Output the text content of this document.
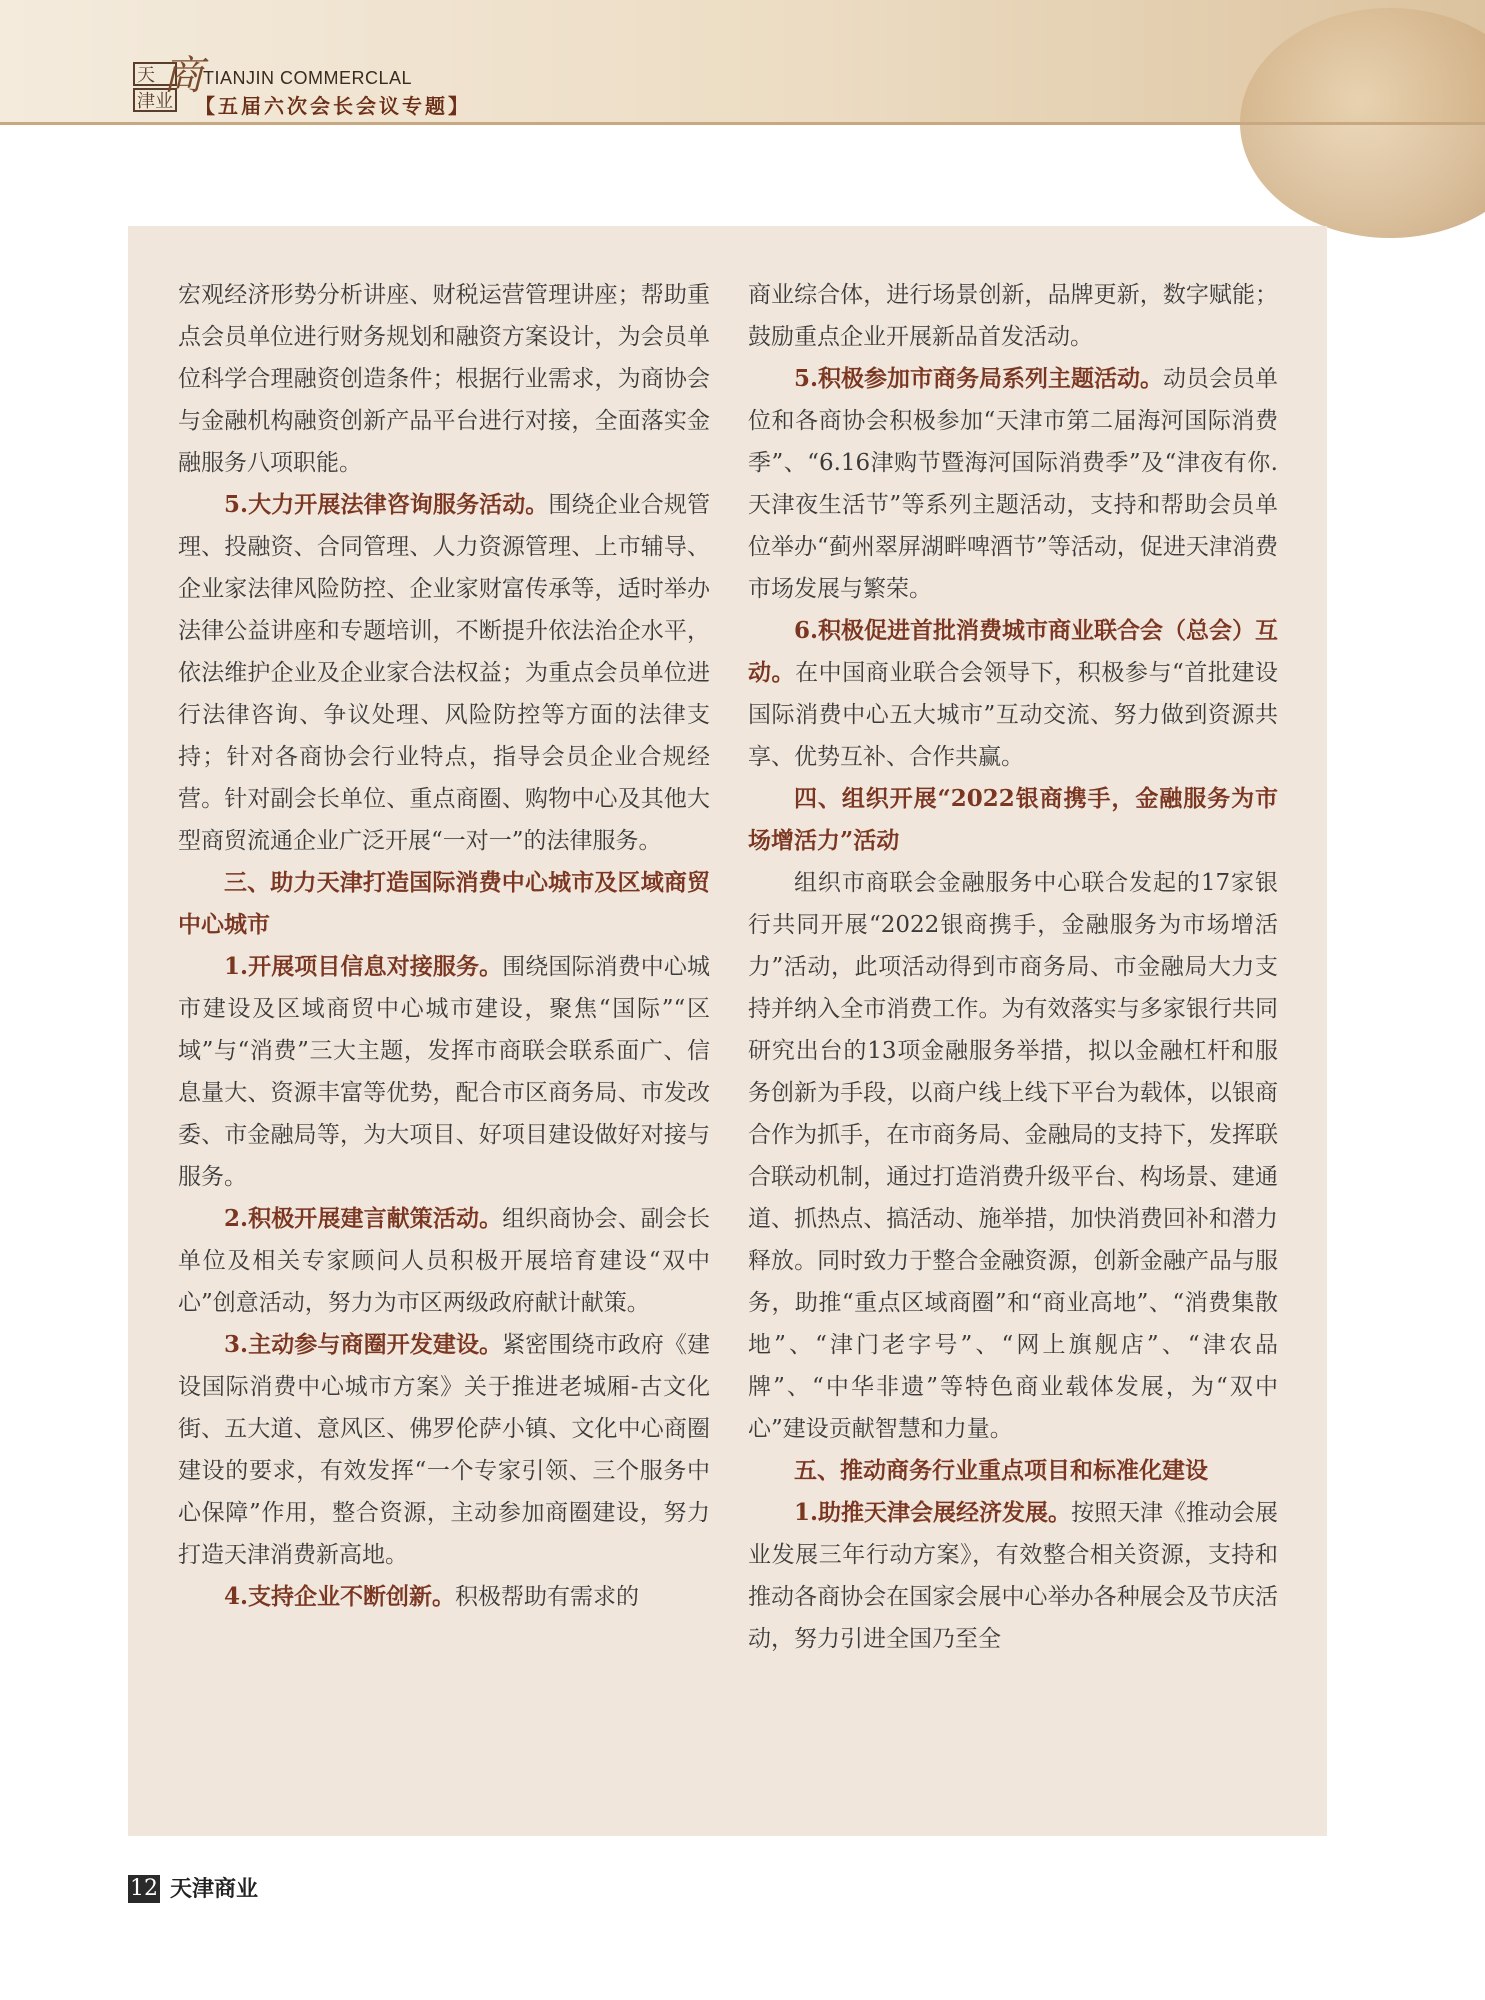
天
津业
商 TIANJIN COMMERCLAL
【五届六次会长会议专题】

宏观经济形势分析讲座、财税运营管理讲座；帮助重点会员单位进行财务规划和融资方案设计，为会员单位科学合理融资创造条件；根据行业需求，为商协会与金融机构融资创新产品平台进行对接，全面落实金融服务八项职能。

5.大力开展法律咨询服务活动。围绕企业合规管理、投融资、合同管理、人力资源管理、上市辅导、企业家法律风险防控、企业家财富传承等，适时举办法律公益讲座和专题培训，不断提升依法治企水平，依法维护企业及企业家合法权益；为重点会员单位进行法律咨询、争议处理、风险防控等方面的法律支持；针对各商协会行业特点，指导会员企业合规经营。针对副会长单位、重点商圈、购物中心及其他大型商贸流通企业广泛开展“一对一”的法律服务。

三、助力天津打造国际消费中心城市及区域商贸中心城市

1.开展项目信息对接服务。围绕国际消费中心城市建设及区域商贸中心城市建设，聚焦“国际”“区域”与“消费”三大主题，发挥市商联会联系面广、信息量大、资源丰富等优势，配合市区商务局、市发改委、市金融局等，为大项目、好项目建设做好对接与服务。

2.积极开展建言献策活动。组织商协会、副会长单位及相关专家顾问人员积极开展培育建设“双中心”创意活动，努力为市区两级政府献计献策。

3.主动参与商圈开发建设。紧密围绕市政府《建设国际消费中心城市方案》关于推进老城厢-古文化街、五大道、意风区、佛罗伦萨小镇、文化中心商圈建设的要求，有效发挥“一个专家引领、三个服务中心保障”作用，整合资源，主动参加商圈建设，努力打造天津消费新高地。

4.支持企业不断创新。积极帮助有需求的

商业综合体，进行场景创新，品牌更新，数字赋能；鼓励重点企业开展新品首发活动。

5.积极参加市商务局系列主题活动。动员会员单位和各商协会积极参加“天津市第二届海河国际消费季”、“6.16津购节暨海河国际消费季”及“津夜有你.天津夜生活节”等系列主题活动，支持和帮助会员单位举办“蓟州翠屏湖畔啤酒节”等活动，促进天津消费市场发展与繁荣。

6.积极促进首批消费城市商业联合会（总会）互动。在中国商业联合会领导下，积极参与“首批建设国际消费中心五大城市”互动交流、努力做到资源共享、优势互补、合作共赢。

四、组织开展“2022银商携手，金融服务为市场增活力”活动

组织市商联会金融服务中心联合发起的17家银行共同开展“2022银商携手，金融服务为市场增活力”活动，此项活动得到市商务局、市金融局大力支持并纳入全市消费工作。为有效落实与多家银行共同研究出台的13项金融服务举措，拟以金融杠杆和服务创新为手段，以商户线上线下平台为载体，以银商合作为抓手，在市商务局、金融局的支持下，发挥联合联动机制，通过打造消费升级平台、构场景、建通道、抓热点、搞活动、施举措，加快消费回补和潜力释放。同时致力于整合金融资源，创新金融产品与服务，助推“重点区域商圈”和“商业高地”、“消费集散地”、“津门老字号”、“网上旗舰店”、“津农品牌”、“中华非遗”等特色商业载体发展，为“双中心”建设贡献智慧和力量。

五、推动商务行业重点项目和标准化建设

1.助推天津会展经济发展。按照天津《推动会展业发展三年行动方案》，有效整合相关资源，支持和推动各商协会在国家会展中心举办各种展会及节庆活动，努力引进全国乃至全

12 天津商业
